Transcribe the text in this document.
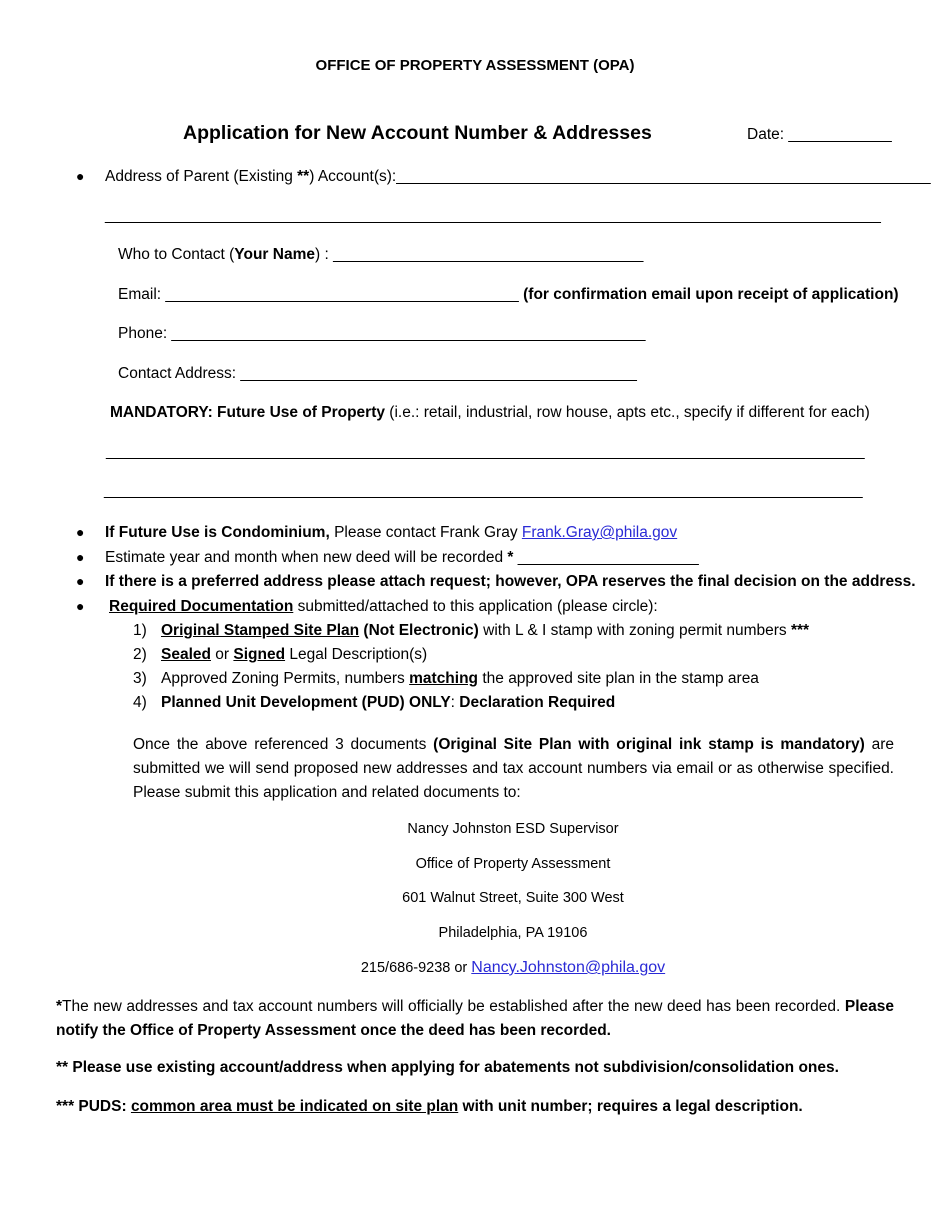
OFFICE OF PROPERTY ASSESSMENT (OPA)
Application for New Account Number & Addresses	Date: ____________
● Address of Parent (Existing **) Account(s):______________________________________________________________
__________________________________________________________________________________________
Who to Contact (Your Name) : ____________________________________
Email: _________________________________________ (for confirmation email upon receipt of application)
Phone: _______________________________________________________
Contact Address: ______________________________________________
MANDATORY: Future Use of Property (i.e.: retail, industrial, row house, apts etc., specify if different for each)
________________________________________________________________________________________
________________________________________________________________________________________
● If Future Use is Condominium, Please contact Frank Gray Frank.Gray@phila.gov
● Estimate year and month when new deed will be recorded * _____________________
● If there is a preferred address please attach request; however, OPA reserves the final decision on the address.
● Required Documentation submitted/attached to this application (please circle):
1) Original Stamped Site Plan (Not Electronic) with L & I stamp with zoning permit numbers ***
2) Sealed or Signed Legal Description(s)
3) Approved Zoning Permits, numbers matching the approved site plan in the stamp area
4) Planned Unit Development (PUD) ONLY: Declaration Required
Once the above referenced 3 documents (Original Site Plan with original ink stamp is mandatory) are submitted we will send proposed new addresses and tax account numbers via email or as otherwise specified. Please submit this application and related documents to:
Nancy Johnston ESD Supervisor
Office of Property Assessment
601 Walnut Street, Suite 300 West
Philadelphia, PA 19106
215/686-9238 or Nancy.Johnston@phila.gov
*The new addresses and tax account numbers will officially be established after the new deed has been recorded. Please notify the Office of Property Assessment once the deed has been recorded.
** Please use existing account/address when applying for abatements not subdivision/consolidation ones.
*** PUDS: common area must be indicated on site plan with unit number; requires a legal description.
